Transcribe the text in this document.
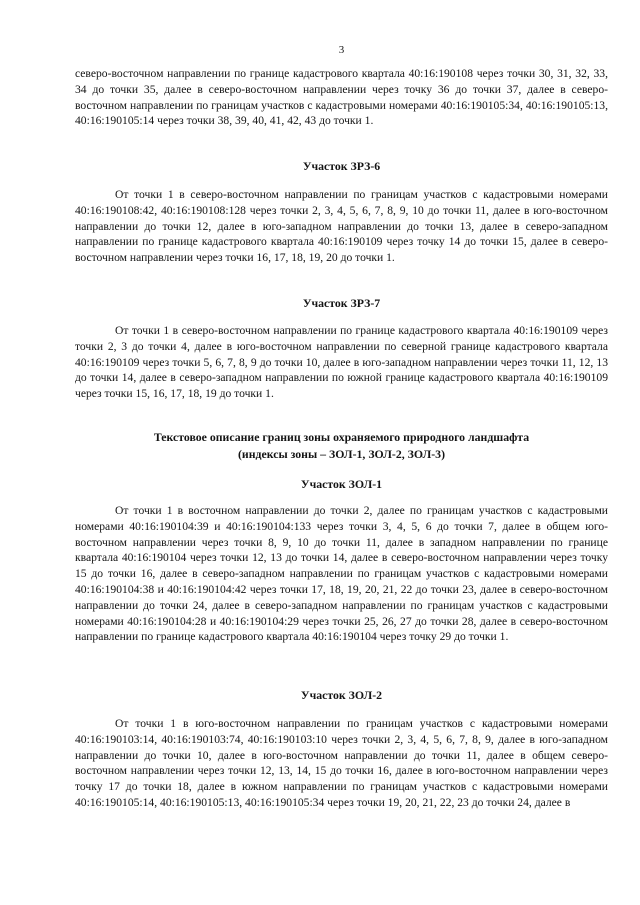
3

северо-восточном направлении по границе кадастрового квартала 40:16:190108 через точки 30, 31, 32, 33, 34 до точки 35, далее в северо-восточном направлении через точку 36 до точки 37, далее в северо-восточном направлении по границам участков с кадастровыми номерами 40:16:190105:34, 40:16:190105:13, 40:16:190105:14 через точки 38, 39, 40, 41, 42, 43 до точки 1.

Участок ЗРЗ-6

От точки 1 в северо-восточном направлении по границам участков с кадастровыми номерами 40:16:190108:42, 40:16:190108:128 через точки 2, 3, 4, 5, 6, 7, 8, 9, 10 до точки 11, далее в юго-восточном направлении до точки 12, далее в юго-западном направлении до точки 13, далее в северо-западном направлении по границе кадастрового квартала 40:16:190109 через точку 14 до точки 15, далее в северо-восточном направлении через точки 16, 17, 18, 19, 20 до точки 1.

Участок ЗРЗ-7

От точки 1 в северо-восточном направлении по границе кадастрового квартала 40:16:190109 через точки 2, 3 до точки 4, далее в юго-восточном направлении по северной границе кадастрового квартала 40:16:190109 через точки 5, 6, 7, 8, 9 до точки 10, далее в юго-западном направлении через точки 11, 12, 13 до точки 14, далее в северо-западном направлении по южной границе кадастрового квартала 40:16:190109 через точки 15, 16, 17, 18, 19 до точки 1.

Текстовое описание границ зоны охраняемого природного ландшафта
(индексы зоны – ЗОЛ-1, ЗОЛ-2, ЗОЛ-3)
Участок ЗОЛ-1

От точки 1 в восточном направлении до точки 2, далее по границам участков с кадастровыми номерами 40:16:190104:39 и 40:16:190104:133 через точки 3, 4, 5, 6 до точки 7, далее в общем юго-восточном направлении через точки 8, 9, 10 до точки 11, далее в западном направлении по границе квартала 40:16:190104 через точки 12, 13 до точки 14, далее в северо-восточном направлении через точку 15 до точки 16, далее в северо-западном направлении по границам участков с кадастровыми номерами 40:16:190104:38 и 40:16:190104:42 через точки 17, 18, 19, 20, 21, 22 до точки 23, далее в северо-восточном направлении до точки 24, далее в северо-западном направлении по границам участков с кадастровыми номерами 40:16:190104:28 и 40:16:190104:29 через точки 25, 26, 27 до точки 28, далее в северо-восточном направлении по границе кадастрового квартала 40:16:190104 через точку 29 до точки 1.

Участок ЗОЛ-2

От точки 1 в юго-восточном направлении по границам участков с кадастровыми номерами 40:16:190103:14, 40:16:190103:74, 40:16:190103:10 через точки 2, 3, 4, 5, 6, 7, 8, 9, далее в юго-западном направлении до точки 10, далее в юго-восточном направлении до точки 11, далее в общем северо-восточном направлении через точки 12, 13, 14, 15 до точки 16, далее в юго-восточном направлении через точку 17 до точки 18, далее в южном направлении по границам участков с кадастровыми номерами 40:16:190105:14, 40:16:190105:13, 40:16:190105:34 через точки 19, 20, 21, 22, 23 до точки 24, далее в
